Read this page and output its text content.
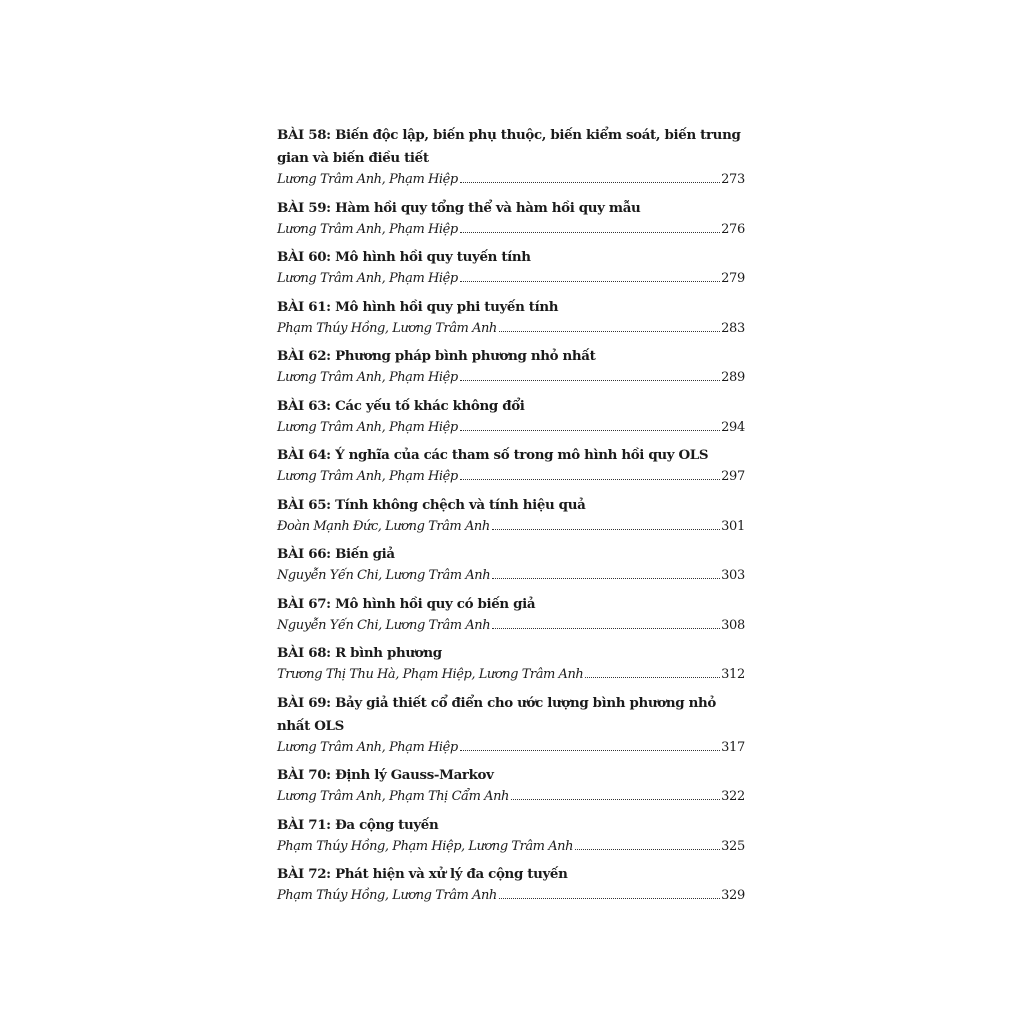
BÀI 58: Biến độc lập, biến phụ thuộc, biến kiểm soát, biến trung gian và biến điều tiết
Lương Trâm Anh, Phạm Hiệp	273
BÀI 59: Hàm hồi quy tổng thể và hàm hồi quy mẫu
Lương Trâm Anh, Phạm Hiệp	276
BÀI 60: Mô hình hồi quy tuyến tính
Lương Trâm Anh, Phạm Hiệp	279
BÀI 61: Mô hình hồi quy phi tuyến tính
Phạm Thúy Hồng, Lương Trâm Anh	283
BÀI 62: Phương pháp bình phương nhỏ nhất
Lương Trâm Anh, Phạm Hiệp	289
BÀI 63: Các yếu tố khác không đổi
Lương Trâm Anh, Phạm Hiệp	294
BÀI 64: Ý nghĩa của các tham số trong mô hình hồi quy OLS
Lương Trâm Anh, Phạm Hiệp	297
BÀI 65: Tính không chệch và tính hiệu quả
Đoàn Mạnh Đức, Lương Trâm Anh	301
BÀI 66: Biến giả
Nguyễn Yến Chi, Lương Trâm Anh	303
BÀI 67: Mô hình hồi quy có biến giả
Nguyễn Yến Chi, Lương Trâm Anh	308
BÀI 68: R bình phương
Trương Thị Thu Hà, Phạm Hiệp, Lương Trâm Anh	312
BÀI 69: Bảy giả thiết cổ điển cho ước lượng bình phương nhỏ nhất OLS
Lương Trâm Anh, Phạm Hiệp	317
BÀI 70: Định lý Gauss-Markov
Lương Trâm Anh, Phạm Thị Cẩm Anh	322
BÀI 71: Đa cộng tuyến
Phạm Thúy Hồng, Phạm Hiệp, Lương Trâm Anh	325
BÀI 72: Phát hiện và xử lý đa cộng tuyến
Phạm Thúy Hồng, Lương Trâm Anh	329
